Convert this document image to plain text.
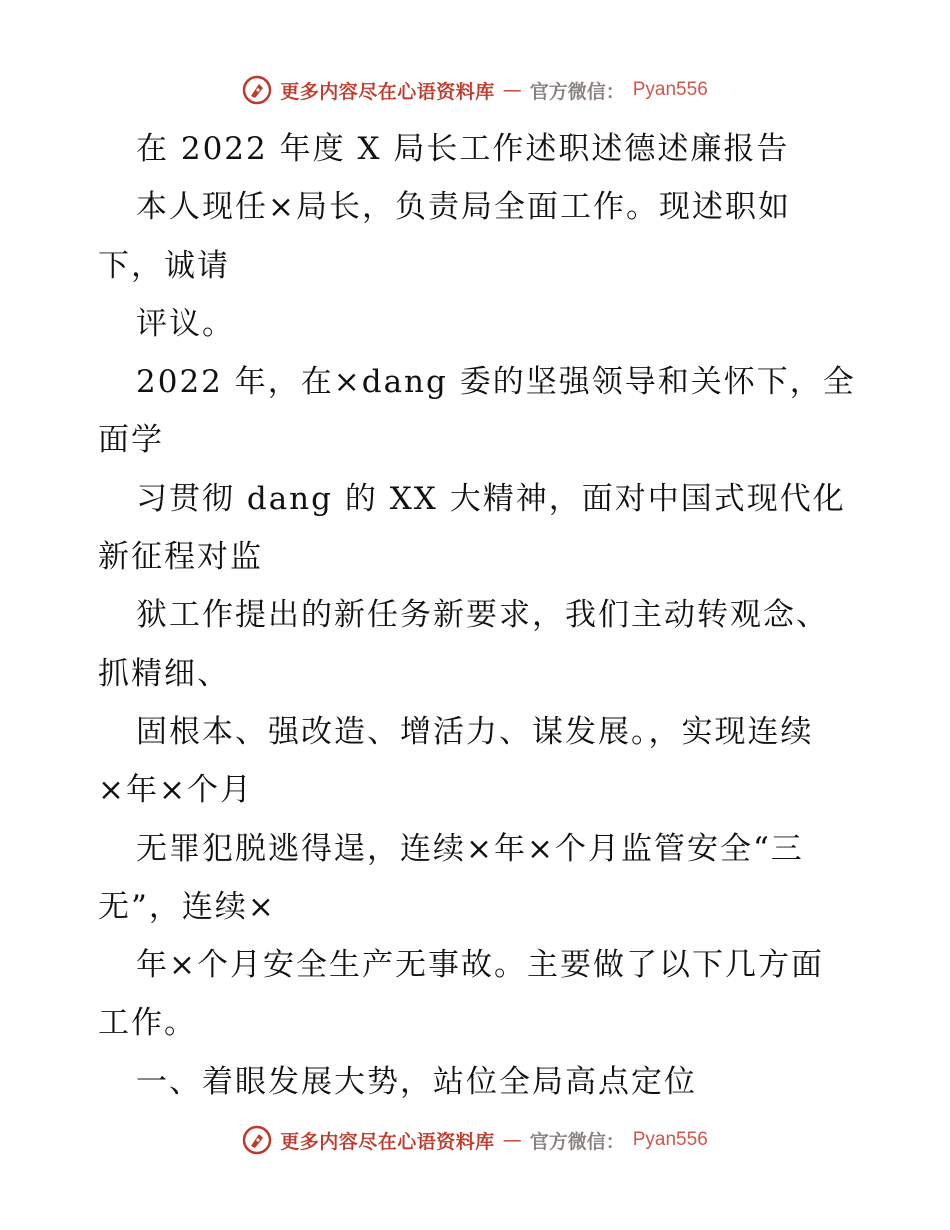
更多内容尽在心语资料库 — 官方微信： Pyan556
在 2022 年度 X 局长工作述职述德述廉报告
本人现任×局长，负责局全面工作。现述职如
下，诚请
评议。
2022 年，在×dang 委的坚强领导和关怀下，全
面学
习贯彻 dang 的 XX 大精神，面对中国式现代化
新征程对监
狱工作提出的新任务新要求，我们主动转观念、
抓精细、
固根本、强改造、增活力、谋发展。，实现连续
×年×个月
无罪犯脱逃得逞，连续×年×个月监管安全“三
无”，连续×
年×个月安全生产无事故。主要做了以下几方面
工作。
一、着眼发展大势，站位全局高点定位
更多内容尽在心语资料库 — 官方微信： Pyan556
